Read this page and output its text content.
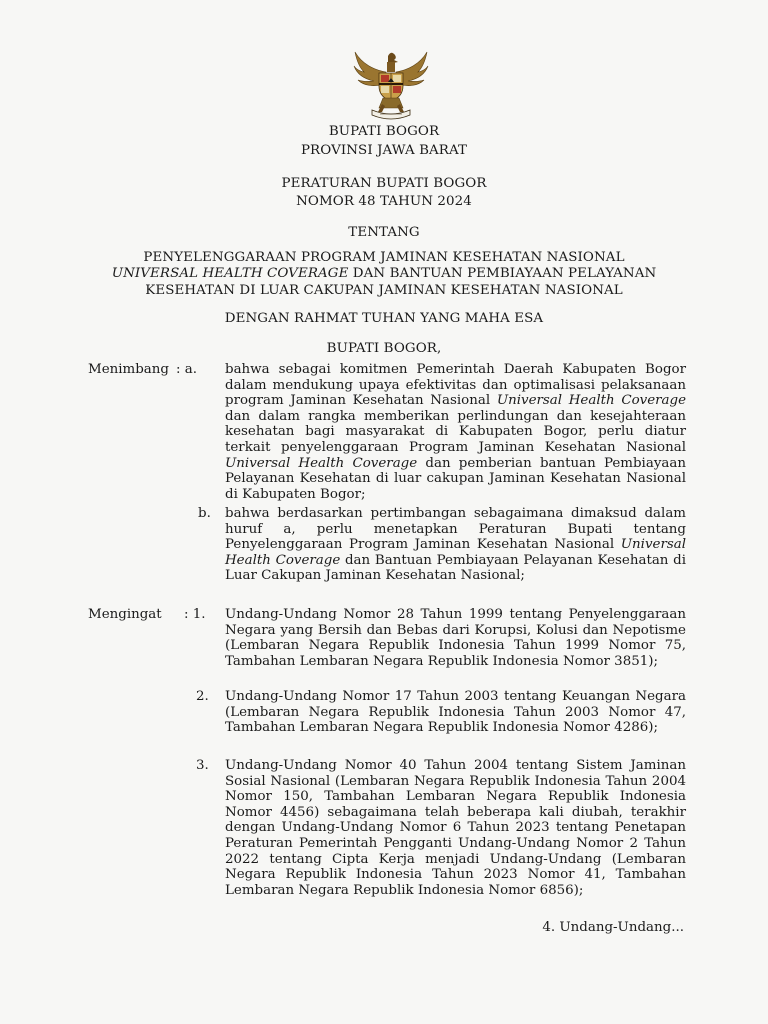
BUPATI BOGOR
PROVINSI JAWA BARAT
PERATURAN BUPATI BOGOR
NOMOR 48 TAHUN 2024
TENTANG
PENYELENGGARAAN PROGRAM JAMINAN KESEHATAN NASIONAL
UNIVERSAL HEALTH COVERAGE DAN BANTUAN PEMBIAYAAN PELAYANAN
KESEHATAN DI LUAR CAKUPAN JAMINAN KESEHATAN NASIONAL
DENGAN RAHMAT TUHAN YANG MAHA ESA
BUPATI BOGOR,
Menimbang : a. bahwa sebagai komitmen Pemerintah Daerah Kabupaten Bogor dalam mendukung upaya efektivitas dan optimalisasi pelaksanaan program Jaminan Kesehatan Nasional Universal Health Coverage dan dalam rangka memberikan perlindungan dan kesejahteraan kesehatan bagi masyarakat di Kabupaten Bogor, perlu diatur terkait penyelenggaraan Program Jaminan Kesehatan Nasional Universal Health Coverage dan pemberian bantuan Pembiayaan Pelayanan Kesehatan di luar cakupan Jaminan Kesehatan Nasional di Kabupaten Bogor;
b. bahwa berdasarkan pertimbangan sebagaimana dimaksud dalam huruf a, perlu menetapkan Peraturan Bupati tentang Penyelenggaraan Program Jaminan Kesehatan Nasional Universal Health Coverage dan Bantuan Pembiayaan Pelayanan Kesehatan di Luar Cakupan Jaminan Kesehatan Nasional;
Mengingat : 1. Undang-Undang Nomor 28 Tahun 1999 tentang Penyelenggaraan Negara yang Bersih dan Bebas dari Korupsi, Kolusi dan Nepotisme (Lembaran Negara Republik Indonesia Tahun 1999 Nomor 75, Tambahan Lembaran Negara Republik Indonesia Nomor 3851);
2. Undang-Undang Nomor 17 Tahun 2003 tentang Keuangan Negara (Lembaran Negara Republik Indonesia Tahun 2003 Nomor 47, Tambahan Lembaran Negara Republik Indonesia Nomor 4286);
3. Undang-Undang Nomor 40 Tahun 2004 tentang Sistem Jaminan Sosial Nasional (Lembaran Negara Republik Indonesia Tahun 2004 Nomor 150, Tambahan Lembaran Negara Republik Indonesia Nomor 4456) sebagaimana telah beberapa kali diubah, terakhir dengan Undang-Undang Nomor 6 Tahun 2023 tentang Penetapan Peraturan Pemerintah Pengganti Undang-Undang Nomor 2 Tahun 2022 tentang Cipta Kerja menjadi Undang-Undang (Lembaran Negara Republik Indonesia Tahun 2023 Nomor 41, Tambahan Lembaran Negara Republik Indonesia Nomor 6856);
4. Undang-Undang...
